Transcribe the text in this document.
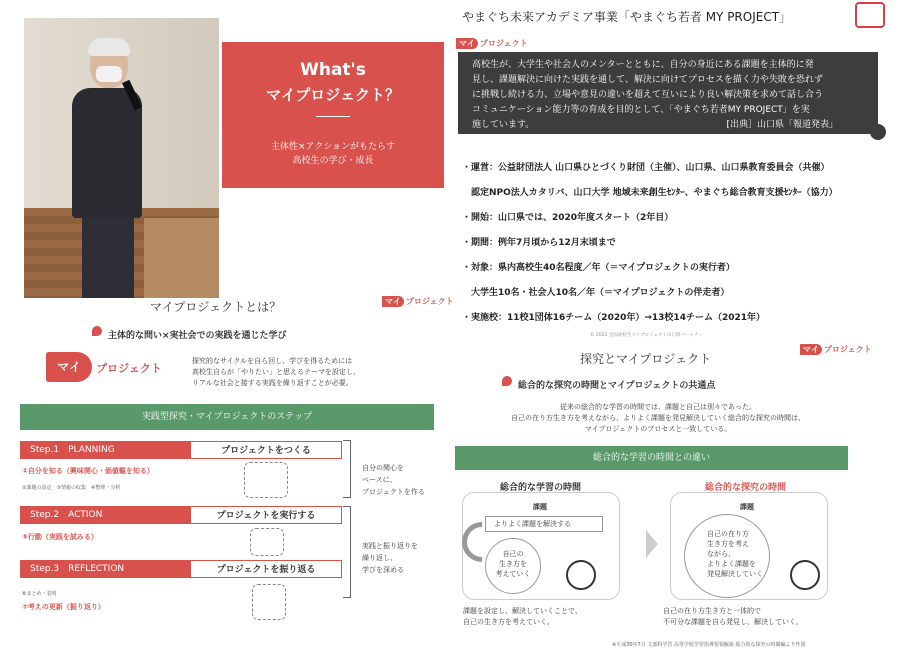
What's
マイプロジェクト？
主体性×アクションがもたらす
高校生の学び・成長
やまぐち未来アカデミア事業「やまぐち若者 MY PROJECT」
マイ プロジェクト
高校生が、大学生や社会人のメンターとともに、自分の身近にある課題を主体的に発
見し、課題解決に向けた実践を通して、解決に向けてプロセスを描く力や失敗を恐れず
に挑戦し続ける力、立場や意見の違いを超えて互いにより良い解決策を求めて話し合う
コミュニケーション能力等の育成を目的として、「やまぐち若者MY PROJECT」を実
施しています。	[出典］山口県「報道発表」
・運営：公益財団法人 山口県ひとづくり財団（主催）、山口県、山口県教育委員会（共催）
　認定NPO法人カタリバ、山口大学 地域未来創生ｾﾝﾀｰ、やまぐち総合教育支援ｾﾝﾀｰ（協力）
・開始：山口県では、2020年度スタート（2年目）
・期間：例年7月頃から12月末頃まで
・対象：県内高校生40名程度／年（＝マイプロジェクトの実行者）
　大学生10名・社会人10名／年（＝マイプロジェクトの伴走者）
・実施校：11校1団体16チーム（2020年）→13校14チーム（2021年）
© 2022 全国高校生マイプロジェクト山口県パートナー
マイプロジェクトとは？	マイ プロジェクト
主体的な問い×実社会での実践を通じた学び
マイ	プロジェクト
探究的なサイクルを自ら回し、学びを得るためには
高校生自らが「やりたい」と思えるテーマを設定し、
リアルな社会と接する実践を繰り返すことが必要。
実践型探究・マイプロジェクトのステップ
Step.1　PLANNING	プロジェクトをつくる
①自分を知る（興味関心・価値観を知る）
②課題の設定　③情報の収集　④整理・分析
Step.2　ACTION	プロジェクトを実行する
⑤行動（実践を試みる）
Step.3　REFLECTION	プロジェクトを振り返る
⑥まとめ・表現
⑦考えの更新（振り返り）
自分の関心を
ベースに、
プロジェクトを作る
実践と振り返りを
繰り返し、
学びを深める
探究とマイプロジェクト
マイ プロジェクト
総合的な探究の時間とマイプロジェクトの共通点
従来の総合的な学習の時間では、課題と自己は別々であった。
自己の在り方生き方を考えながら、よりよく課題を発見解決していく総合的な探究の時間は、
マイプロジェクトのプロセスと一致している。
総合的な学習の時間との違い
総合的な学習の時間	総合的な探究の時間
課題	課題
よりよく課題を解決する
自己の
生き方を
考えていく
自己の在り方
生き方を考え
ながら、
よりよく課題を
発見解決していく
課題を設定し、解決していくことで、
自己の生き方を考えていく。
自己の在り方生き方と一体的で
不可分な課題を自ら発見し、解決していく。
※平成30年7月 文部科学省 高等学校学習指導要領解説 総合的な探究の時間編より作図
